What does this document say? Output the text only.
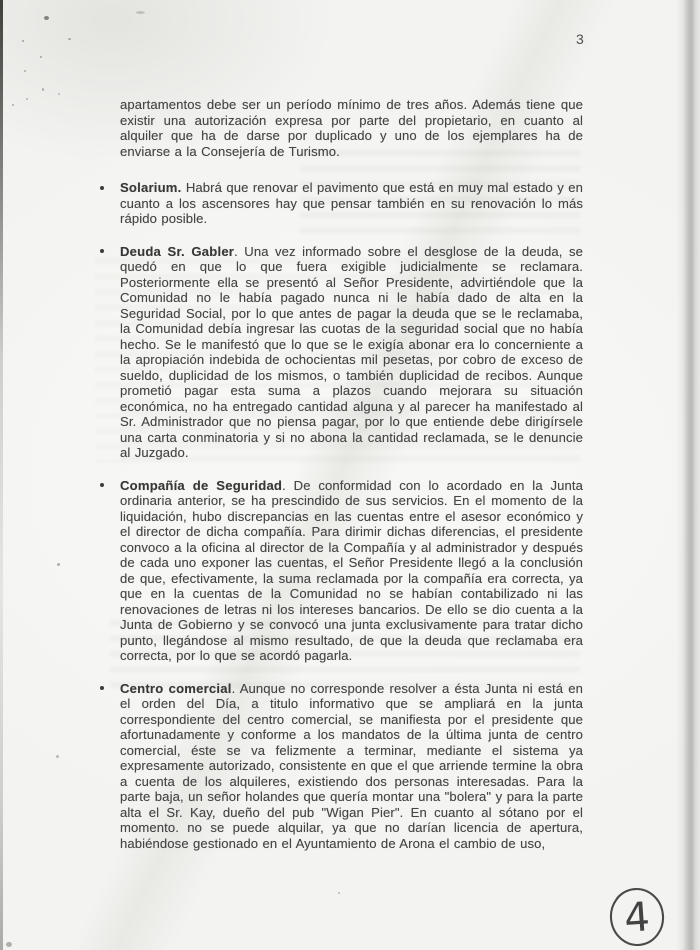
3

apartamentos debe ser un período mínimo de tres años. Además tiene que existir una autorización expresa por parte del propietario, en cuanto al alquiler que ha de darse por duplicado y uno de los ejemplares ha de enviarse a la Consejería de Turismo.

Solarium. Habrá que renovar el pavimento que está en muy mal estado y en cuanto a los ascensores hay que pensar también en su renovación lo más rápido posible.
Deuda Sr. Gabler. Una vez informado sobre el desglose de la deuda, se quedó en que lo que fuera exigible judicialmente se reclamara. Posteriormente ella se presentó al Señor Presidente, advirtiéndole que la Comunidad no le había pagado nunca ni le había dado de alta en la Seguridad Social, por lo que antes de pagar la deuda que se le reclamaba, la Comunidad debía ingresar las cuotas de la seguridad social que no había hecho. Se le manifestó que lo que se le exigía abonar era lo concerniente a la apropiación indebida de ochocientas mil pesetas, por cobro de exceso de sueldo, duplicidad de los mismos, o también duplicidad de recibos. Aunque prometió pagar esta suma a plazos cuando mejorara su situación económica, no ha entregado cantidad alguna y al parecer ha manifestado al Sr. Administrador que no piensa pagar, por lo que entiende debe dirigírsele una carta conminatoria y si no abona la cantidad reclamada, se le denuncie al Juzgado.
Compañía de Seguridad. De conformidad con lo acordado en la Junta ordinaria anterior, se ha prescindido de sus servicios. En el momento de la liquidación, hubo discrepancias en las cuentas entre el asesor económico y el director de dicha compañía. Para dirimir dichas diferencias, el presidente convoco a la oficina al director de la Compañía y al administrador y después de cada uno exponer las cuentas, el Señor Presidente llegó a la conclusión de que, efectivamente, la suma reclamada por la compañía era correcta, ya que en la cuentas de la Comunidad no se habían contabilizado ni las renovaciones de letras ni los intereses bancarios. De ello se dio cuenta a la Junta de Gobierno y se convocó una junta exclusivamente para tratar dicho punto, llegándose al mismo resultado, de que la deuda que reclamaba era correcta, por lo que se acordó pagarla.
Centro comercial. Aunque no corresponde resolver a ésta Junta ni está en el orden del Día, a titulo informativo que se ampliará en la junta correspondiente del centro comercial, se manifiesta por el presidente que afortunadamente y conforme a los mandatos de la última junta de centro comercial, éste se va felizmente a terminar, mediante el sistema ya expresamente autorizado, consistente en que el que arriende termine la obra a cuenta de los alquileres, existiendo dos personas interesadas. Para la parte baja, un señor holandes que quería montar una "bolera" y para la parte alta el Sr. Kay, dueño del pub "Wigan Pier". En cuanto al sótano por el momento. no se puede alquilar, ya que no darían licencia de apertura, habiéndose gestionado en el Ayuntamiento de Arona el cambio de uso,
4
